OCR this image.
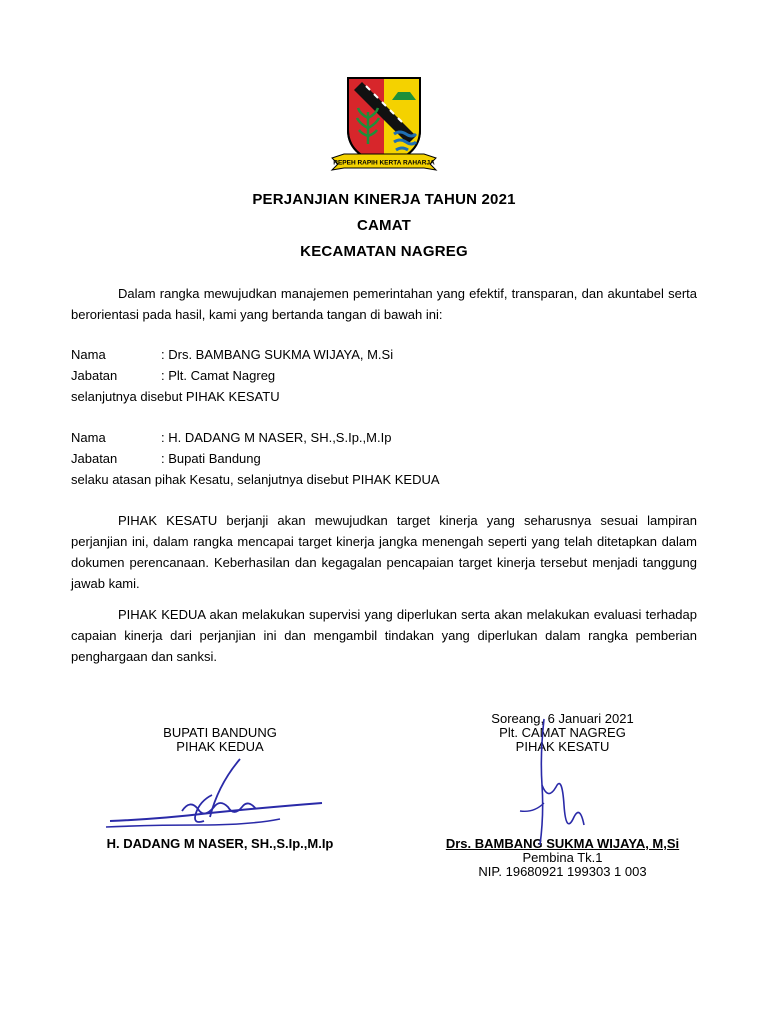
REPEH RAPIH KERTA RAHARJA
PERJANJIAN KINERJA TAHUN 2021
CAMAT
KECAMATAN NAGREG
Dalam rangka mewujudkan manajemen pemerintahan yang efektif, transparan, dan akuntabel serta berorientasi pada hasil, kami yang bertanda tangan di bawah ini:
Nama	: Drs. BAMBANG SUKMA WIJAYA, M.Si
Jabatan	: Plt. Camat Nagreg
selanjutnya disebut PIHAK KESATU
Nama	: H. DADANG M NASER, SH.,S.Ip.,M.Ip
Jabatan	: Bupati Bandung
selaku atasan pihak Kesatu, selanjutnya disebut PIHAK KEDUA
PIHAK KESATU berjanji akan mewujudkan target kinerja yang seharusnya sesuai lampiran perjanjian ini, dalam rangka mencapai target kinerja jangka menengah seperti yang telah ditetapkan dalam dokumen perencanaan. Keberhasilan dan kegagalan pencapaian target kinerja tersebut menjadi tanggung jawab kami.
PIHAK KEDUA akan melakukan supervisi yang diperlukan serta akan melakukan evaluasi terhadap capaian kinerja dari perjanjian ini dan mengambil tindakan yang diperlukan dalam rangka pemberian penghargaan dan sanksi.
Soreang, 6 Januari 2021
Plt. CAMAT NAGREG
PIHAK KESATU
Drs. BAMBANG SUKMA WIJAYA, M,Si
Pembina Tk.1
NIP. 19680921 199303 1 003
BUPATI BANDUNG
PIHAK KEDUA
H. DADANG M NASER, SH.,S.Ip.,M.Ip
